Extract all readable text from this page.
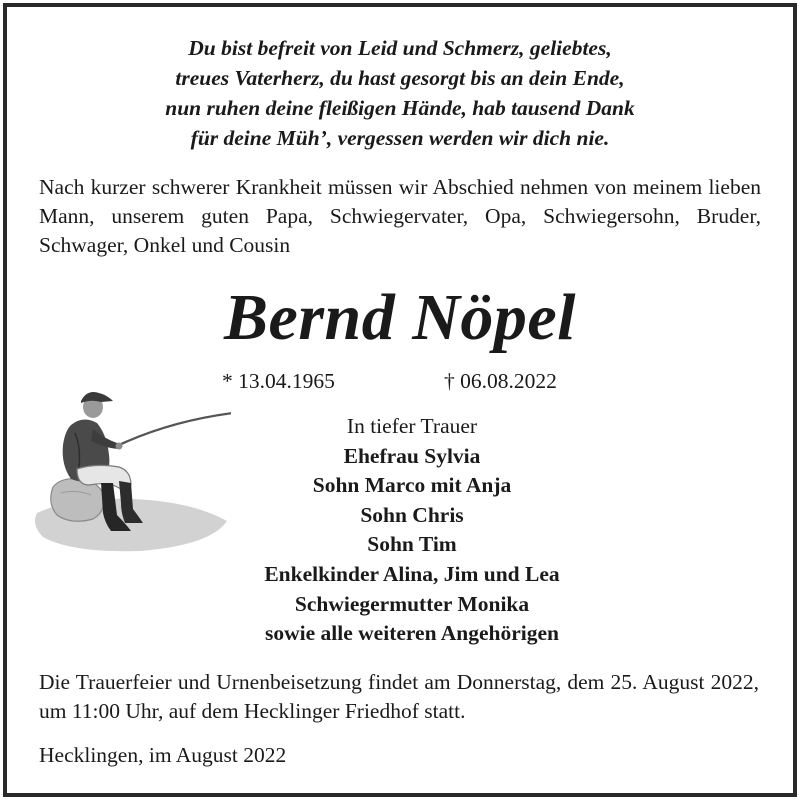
Du bist befreit von Leid und Schmerz, geliebtes,
treues Vaterherz, du hast gesorgt bis an dein Ende,
nun ruhen deine fleißigen Hände, hab tausend Dank
für deine Müh’, vergessen werden wir dich nie.
Nach kurzer schwerer Krankheit müssen wir Abschied nehmen von meinem lieben Mann, unserem guten Papa, Schwiegervater, Opa, Schwiegersohn, Bruder, Schwager, Onkel und Cousin
Bernd Nöpel
* 13.04.1965	† 06.08.2022
In tiefer Trauer
Ehefrau Sylvia
Sohn Marco mit Anja
Sohn Chris
Sohn Tim
Enkelkinder Alina, Jim und Lea
Schwiegermutter Monika
sowie alle weiteren Angehörigen
Die Trauerfeier und Urnenbeisetzung findet am Donnerstag, dem 25. August 2022, um 11:00 Uhr, auf dem Hecklinger Friedhof statt.
Hecklingen, im August 2022
